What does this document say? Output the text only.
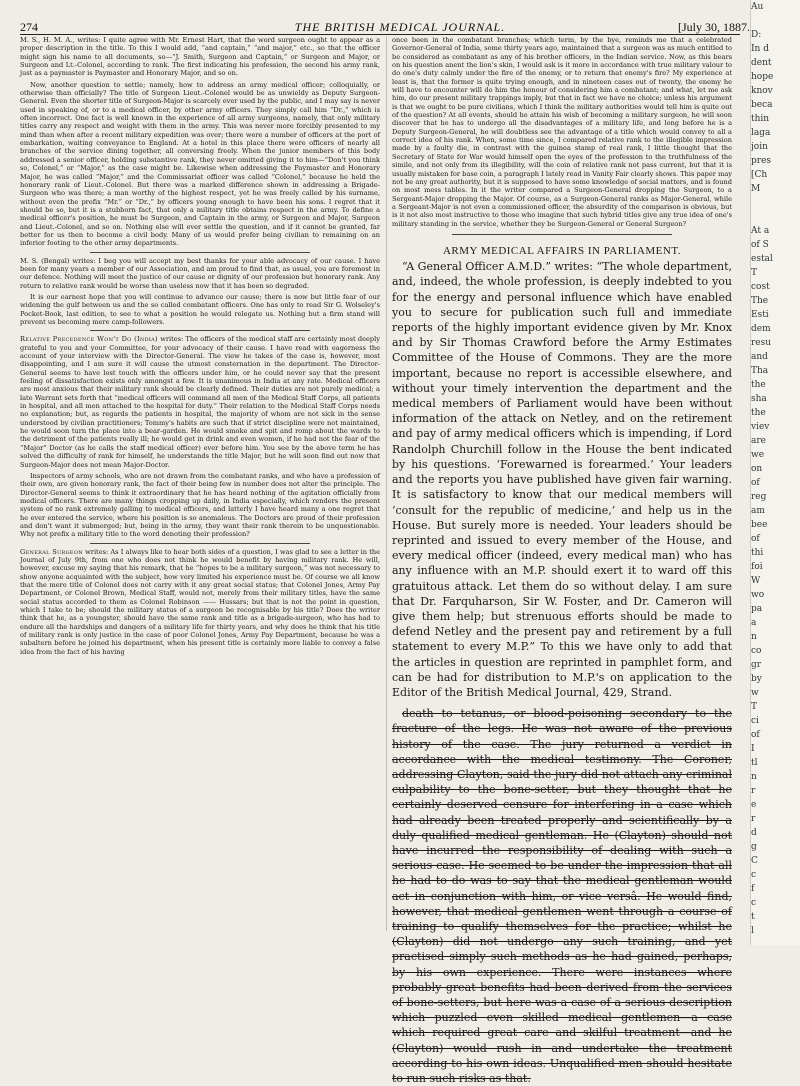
274	THE BRITISH MEDICAL JOURNAL.	[July 30, 1887.

M. S., H. M. A., writes: I quite agree with Mr. Ernest Hart, that the word surgeon ought to appear as a proper description in the title. To this I would add, “and captain,” “and major,” etc., so that the officer might sign his name to all documents, so—“J. Smith, Surgeon and Captain,” or Surgeon and Major, or Surgeon and Lt.-Colonel, according to rank. The first indicating his profession, the second his army rank, just as a paymaster is Paymaster and Honorary Major, and so on.

Now, another question to settle; namely, how to address an army medical officer; colloquially, or otherwise than officially? The title of Surgeon Lieut.-Colonel would be as unwieldy as Deputy Surgeon-General. Even the shorter title of Surgeon-Major is scarcely ever used by the public, and I may say is never used in speaking of, or to a medical officer, by other army officers. They simply call him “Dr.,” which is often incorrect. One fact is well known in the experience of all army surgeons, namely, that only military titles carry any respect and weight with them in the army. This was never more forcibly presented to my mind than when after a recent military expedition was over; there were a number of officers at the port of embarkation, waiting conveyance to England. At a hotel in this place there were officers of nearly all branches of the service dining together, all conversing freely. When the junior members of this body addressed a senior officer, holding substantive rank, they never omitted giving it to him—“Don't you think so, Colonel,” or “Major,” as the case might be. Likewise when addressing the Paymaster and Honorary Major, he was called “Major,” and the Commissariat officer was called “Colonel,” because he held the honorary rank of Lieut.-Colonel. But there was a marked difference shown in addressing a Brigade-Surgeon who was there; a man worthy of the highest respect, yet he was freely called by his surname, without even the prefix “Mr.” or “Dr.,” by officers young enough to have been his sons. I regret that it should be so, but it is a stubborn fact, that only a military title obtains respect in the army. To define a medical officer's position, he must be Surgeon, and Captain in the army, or Surgeon and Major, Surgeon and Lieut.-Colonel, and so on. Nothing else will ever settle the question, and if it cannot be granted, far better for us then to become a civil body. Many of us would prefer being civilian to remaining on an inferior footing to the other army departments.

M. S. (Bengal) writes: I beg you will accept my best thanks for your able advocacy of our cause. I have been for many years a member of our Association, and am proud to find that, as usual, you are foremost in our defence. Nothing will meet the justice of our cause or dignity of our profession but honorary rank. Any return to relative rank would be worse than useless now that it has been so degraded.

It is our earnest hope that you will continue to advance our cause; there is now but little fear of our widening the gulf between us and the so called combatant officers. One has only to read Sir G. Wolseley's Pocket-Book, last edition, to see to what a position he would relegate us. Nothing but a firm stand will prevent us becoming mere camp-followers.

Relative Precedence Won't Do (India) writes: The officers of the medical staff are certainly most deeply grateful to you and your Committee, for your advocacy of their cause. I have read with eagerness the account of your interview with the Director-General. The view he takes of the case is, however, most disappointing, and I am sure it will cause the utmost consternation in the department. The Director-General seems to have lost touch with the officers under him, or he could never say that the present feeling of dissatisfaction exists only amongst a few. It is unanimous in India at any rate. Medical officers are most anxious that their military rank should be clearly defined. Their duties are not purely medical; a late Warrant sets forth that “medical officers will command all men of the Medical Staff Corps, all patients in hospital, and all men attached to the hospital for duty.” Their relation to the Medical Staff Corps needs no explanation; but, as regards the patients in hospital, the majority of whom are not sick in the sense understood by civilian practitioners; Tommy's habits are such that if strict discipline were not maintained, he would soon turn the place into a bear-garden. He would smoke and spit and romp about the wards to the detriment of the patients really ill; he would get in drink and even women, if he had not the fear of the “Major” Doctor (as he calls the staff medical officer) ever before him. You see by the above term he has solved the difficulty of rank for himself, he understands the title Major, but he will soon find out now that Surgeon-Major does not mean Major-Doctor.

Inspectors of army schools, who are not drawn from the combatant ranks, and who have a profession of their own, are given honorary rank, the fact of their being few in number does not alter the principle. The Director-General seems to think it extraordinary that he has heard nothing of the agitation officially from medical officers. There are many things cropping up daily, in India especially, which renders the present system of no rank extremely galling to medical officers, and latterly I have heard many a one regret that he ever entered the service, where his position is so anomalous. The Doctors are proud of their profession and don't want it submerged; but, being in the army, they want their rank therein to be unquestionable. Why not prefix a military title to the word denoting their profession?

General Surgeon writes: As I always like to hear both sides of a question, I was glad to see a letter in the Journal of July 9th, from one who does not think he would benefit by having military rank. He will, however, excuse my saying that his remark, that he “hopes to be a military surgeon,” was not necessary to show anyone acquainted with the subject, how very limited his experience must be. Of course we all know that the mere title of Colonel does not carry with it any great social status; that Colonel Jones, Army Pay Department, or Colonel Brown, Medical Staff, would not, merely from their military titles, have the same social status accorded to them as Colonel Robinson —— Hussars; but that is not the point in question, which I take to be; should the military status of a surgeon be recognisable by his title? Does the writer think that he, as a youngster, should have the same rank and title as a brigade-surgeon, who has had to endure all the hardships and dangers of a military life for thirty years, and why does he think that his title of military rank is only justice in the case of poor Colonel Jones, Army Pay Department, because he was a subaltern before he joined his department, when his present title is certainly more liable to convey a false idea from the fact of his having

once been in the combatant branches; which term, by the bye, reminds me that a celebrated Governor-General of India, some thirty years ago, maintained that a surgeon was as much entitled to be considered as combatant as any of his brother officers, in the Indian service. Now, as this bears on his question anent the lion's skin, I would ask is it more in accordance with true military valour to do one's duty calmly under the fire of the enemy, or to return that enemy's fire? My experience at least is, that the former is quite trying enough, and in nineteen cases out of twenty, the enemy he will have to encounter will do him the honour of considering him a combatant; and what, let me ask him, do our present military trappings imply, but that in fact we have no choice; unless his argument is that we ought to be pure civilians, which I think the military authorities would tell him is quite out of the question? At all events, should he attain his wish of becoming a military surgeon, he will soon discover that he has to undergo all the disadvantages of a military life, and long before he is a Deputy Surgeon-General, he will doubtless see the advantage of a title which would convey to all a correct idea of his rank. When, some time since, I compared relative rank to the illegible impression made by a faulty die, in contrast with the guinea stamp of real rank, I little thought that the Secretary of State for War would himself open the eyes of the profession to the truthfulness of the simile, and not only from its illegibility, will the coin of relative rank not pass current, but that it is usually mistaken for base coin, a paragraph I lately read in Vanity Fair clearly shows. This paper may not be any great authority, but it is supposed to have some knowledge of social matters, and is found on most mess tables. In it the writer compared a Surgeon-General dropping the Surgeon, to a Sergeant-Major dropping the Major. Of course, as a Surgeon-General ranks as Major-General, while a Sergeant-Major is not even a commissioned officer, the absurdity of the comparison is obvious, but is it not also most instructive to those who imagine that such hybrid titles give any true idea of one's military standing in the service, whether they be Surgeon-General or General Surgeon?

ARMY MEDICAL AFFAIRS IN PARLIAMENT.

“A General Officer A.M.D.” writes: “The whole department, and, indeed, the whole profession, is deeply indebted to you for the energy and personal influence which have enabled you to secure for publication such full and immediate reports of the highly important evidence given by Mr. Knox and by Sir Thomas Crawford before the Army Estimates Committee of the House of Commons. They are the more important, because no report is accessible elsewhere, and without your timely intervention the department and the medical members of Parliament would have been without information of the attack on Netley, and on the retirement and pay of army medical officers which is impending, if Lord Randolph Churchill follow in the House the bent indicated by his questions. ‘Forewarned is forearmed.’ Your leaders and the reports you have published have given fair warning. It is satisfactory to know that our medical members will ‘consult for the republic of medicine,’ and help us in the House. But surely more is needed. Your leaders should be reprinted and issued to every member of the House, and every medical officer (indeed, every medical man) who has any influence with an M.P. should exert it to ward off this gratuitous attack. Let them do so without delay. I am sure that Dr. Farquharson, Sir W. Foster, and Dr. Cameron will give them help; but strenuous efforts should be made to defend Netley and the present pay and retirement by a full statement to every M.P.” To this we have only to add that the articles in question are reprinted in pamphlet form, and can be had for distribution to M.P.'s on application to the Editor of the British Medical Journal, 429, Strand.

death to tetanus, or blood-poisoning secondary to the fracture of the legs. He was not aware of the previous history of the case. The jury returned a verdict in accordance with the medical testimony. The Coroner, addressing Clayton, said the jury did not attach any criminal culpability to the bone-setter, but they thought that he certainly deserved censure for interfering in a case which had already been treated properly and scientifically by a duly qualified medical gentleman. He (Clayton) should not have incurred the responsibility of dealing with such a serious case. He seemed to be under the impression that all he had to do was to say that the medical gentleman would act in conjunction with him, or vice versâ. He would find, however, that medical gentlemen went through a course of training to qualify themselves for the practice; whilst he (Clayton) did not undergo any such training, and yet practised simply such methods as he had gained, perhaps, by his own experience. There were instances where probably great benefits had been derived from the services of bone-setters, but here was a case of a serious description which puzzled even skilled medical gentlemen—a case which required great care and skilful treatment—and he (Clayton) would rush in and undertake the treatment according to his own ideas. Unqualified men should hesitate to run such risks as that.

Au

D:
In d
dent
hope
knov
beca
thin
laga
join
pres
[Ch
M

At a
of S
estal
T
cost
The
Esti
dem
resu
and
Tha
the
sha
the
viev
are
we
on
of
reg
am
bee
of
thi
foi
W
wo
pa
a
n
co
gr
by
w
T
ci
of
I
tl
n
r
e
r
d
g
C
c
f
c
t
l
